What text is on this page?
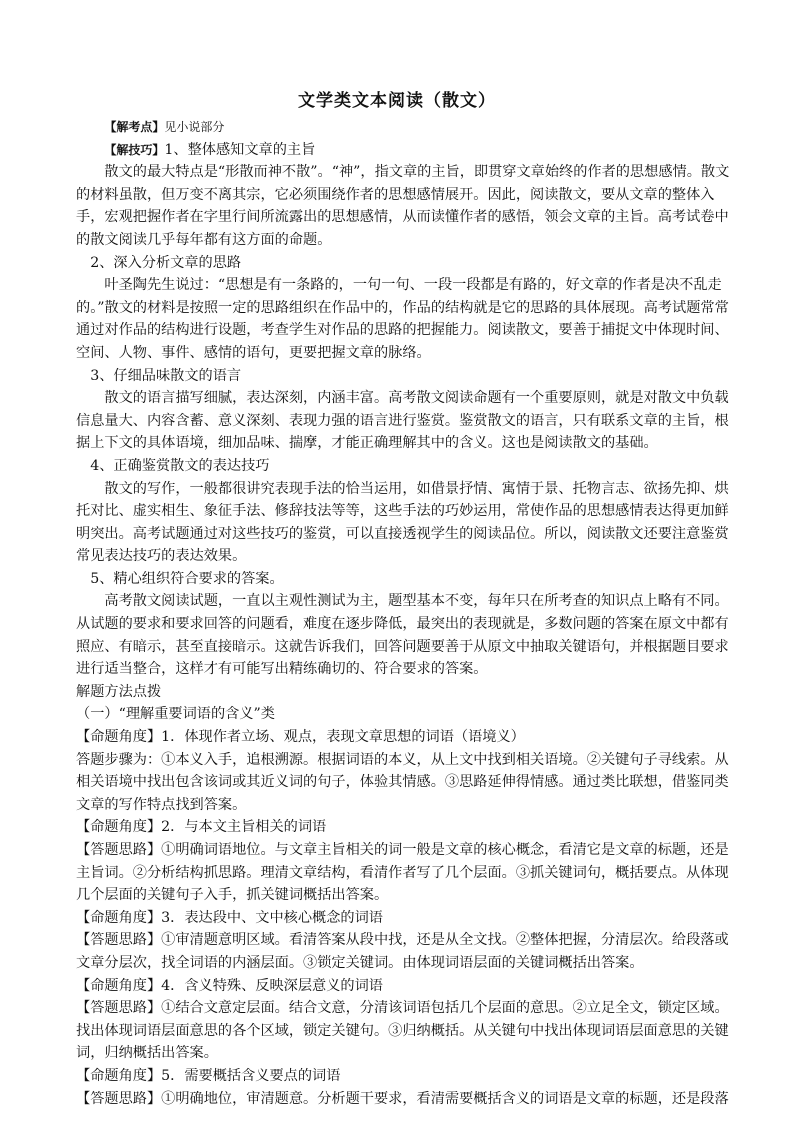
文学类文本阅读（散文）

【解考点】见小说部分

【解技巧】1、整体感知文章的主旨

散文的最大特点是“形散而神不散”。“神”，指文章的主旨，即贯穿文章始终的作者的思想感情。散文的材料虽散，但万变不离其宗，它必须围绕作者的思想感情展开。因此，阅读散文，要从文章的整体入手，宏观把握作者在字里行间所流露出的思想感情，从而读懂作者的感悟，领会文章的主旨。高考试卷中的散文阅读几乎每年都有这方面的命题。

2、深入分析文章的思路

叶圣陶先生说过：“思想是有一条路的，一句一句、一段一段都是有路的，好文章的作者是决不乱走的。”散文的材料是按照一定的思路组织在作品中的，作品的结构就是它的思路的具体展现。高考试题常常通过对作品的结构进行设题，考查学生对作品的思路的把握能力。阅读散文，要善于捕捉文中体现时间、空间、人物、事件、感情的语句，更要把握文章的脉络。

3、仔细品味散文的语言

散文的语言描写细腻，表达深刻，内涵丰富。高考散文阅读命题有一个重要原则，就是对散文中负载信息量大、内容含蓄、意义深刻、表现力强的语言进行鉴赏。鉴赏散文的语言，只有联系文章的主旨，根据上下文的具体语境，细加品味、揣摩，才能正确理解其中的含义。这也是阅读散文的基础。

4、正确鉴赏散文的表达技巧

散文的写作，一般都很讲究表现手法的恰当运用，如借景抒情、寓情于景、托物言志、欲扬先抑、烘托对比、虚实相生、象征手法、修辞技法等等，这些手法的巧妙运用，常使作品的思想感情表达得更加鲜明突出。高考试题通过对这些技巧的鉴赏，可以直接透视学生的阅读品位。所以，阅读散文还要注意鉴赏常见表达技巧的表达效果。

5、精心组织符合要求的答案。

高考散文阅读试题，一直以主观性测试为主，题型基本不变，每年只在所考查的知识点上略有不同。从试题的要求和要求回答的问题看，难度在逐步降低，最突出的表现就是，多数问题的答案在原文中都有照应、有暗示，甚至直接暗示。这就告诉我们，回答问题要善于从原文中抽取关键语句，并根据题目要求进行适当整合，这样才有可能写出精练确切的、符合要求的答案。

解题方法点拨

（一）“理解重要词语的含义”类

【命题角度】1．体现作者立场、观点，表现文章思想的词语（语境义）

答题步骤为：①本义入手，追根溯源。根据词语的本义，从上文中找到相关语境。②关键句子寻线索。从相关语境中找出包含该词或其近义词的句子，体验其情感。③思路延伸得情感。通过类比联想，借鉴同类文章的写作特点找到答案。

【命题角度】2．与本文主旨相关的词语

【答题思路】①明确词语地位。与文章主旨相关的词一般是文章的核心概念，看清它是文章的标题，还是主旨词。②分析结构抓思路。理清文章结构，看清作者写了几个层面。③抓关键词句，概括要点。从体现几个层面的关键句子入手，抓关键词概括出答案。

【命题角度】3．表达段中、文中核心概念的词语

【答题思路】①审清题意明区域。看清答案从段中找，还是从全文找。②整体把握，分清层次。给段落或文章分层次，找全词语的内涵层面。③锁定关键词。由体现词语层面的关键词概括出答案。

【命题角度】4．含义特殊、反映深层意义的词语

【答题思路】①结合文意定层面。结合文意，分清该词语包括几个层面的意思。②立足全文，锁定区域。找出体现词语层面意思的各个区域，锁定关键句。③归纳概括。从关键句中找出体现词语层面意思的关键词，归纳概括出答案。

【命题角度】5．需要概括含义要点的词语

【答题思路】①明确地位，审清题意。分析题干要求，看清需要概括含义的词语是文章的标题，还是段落
